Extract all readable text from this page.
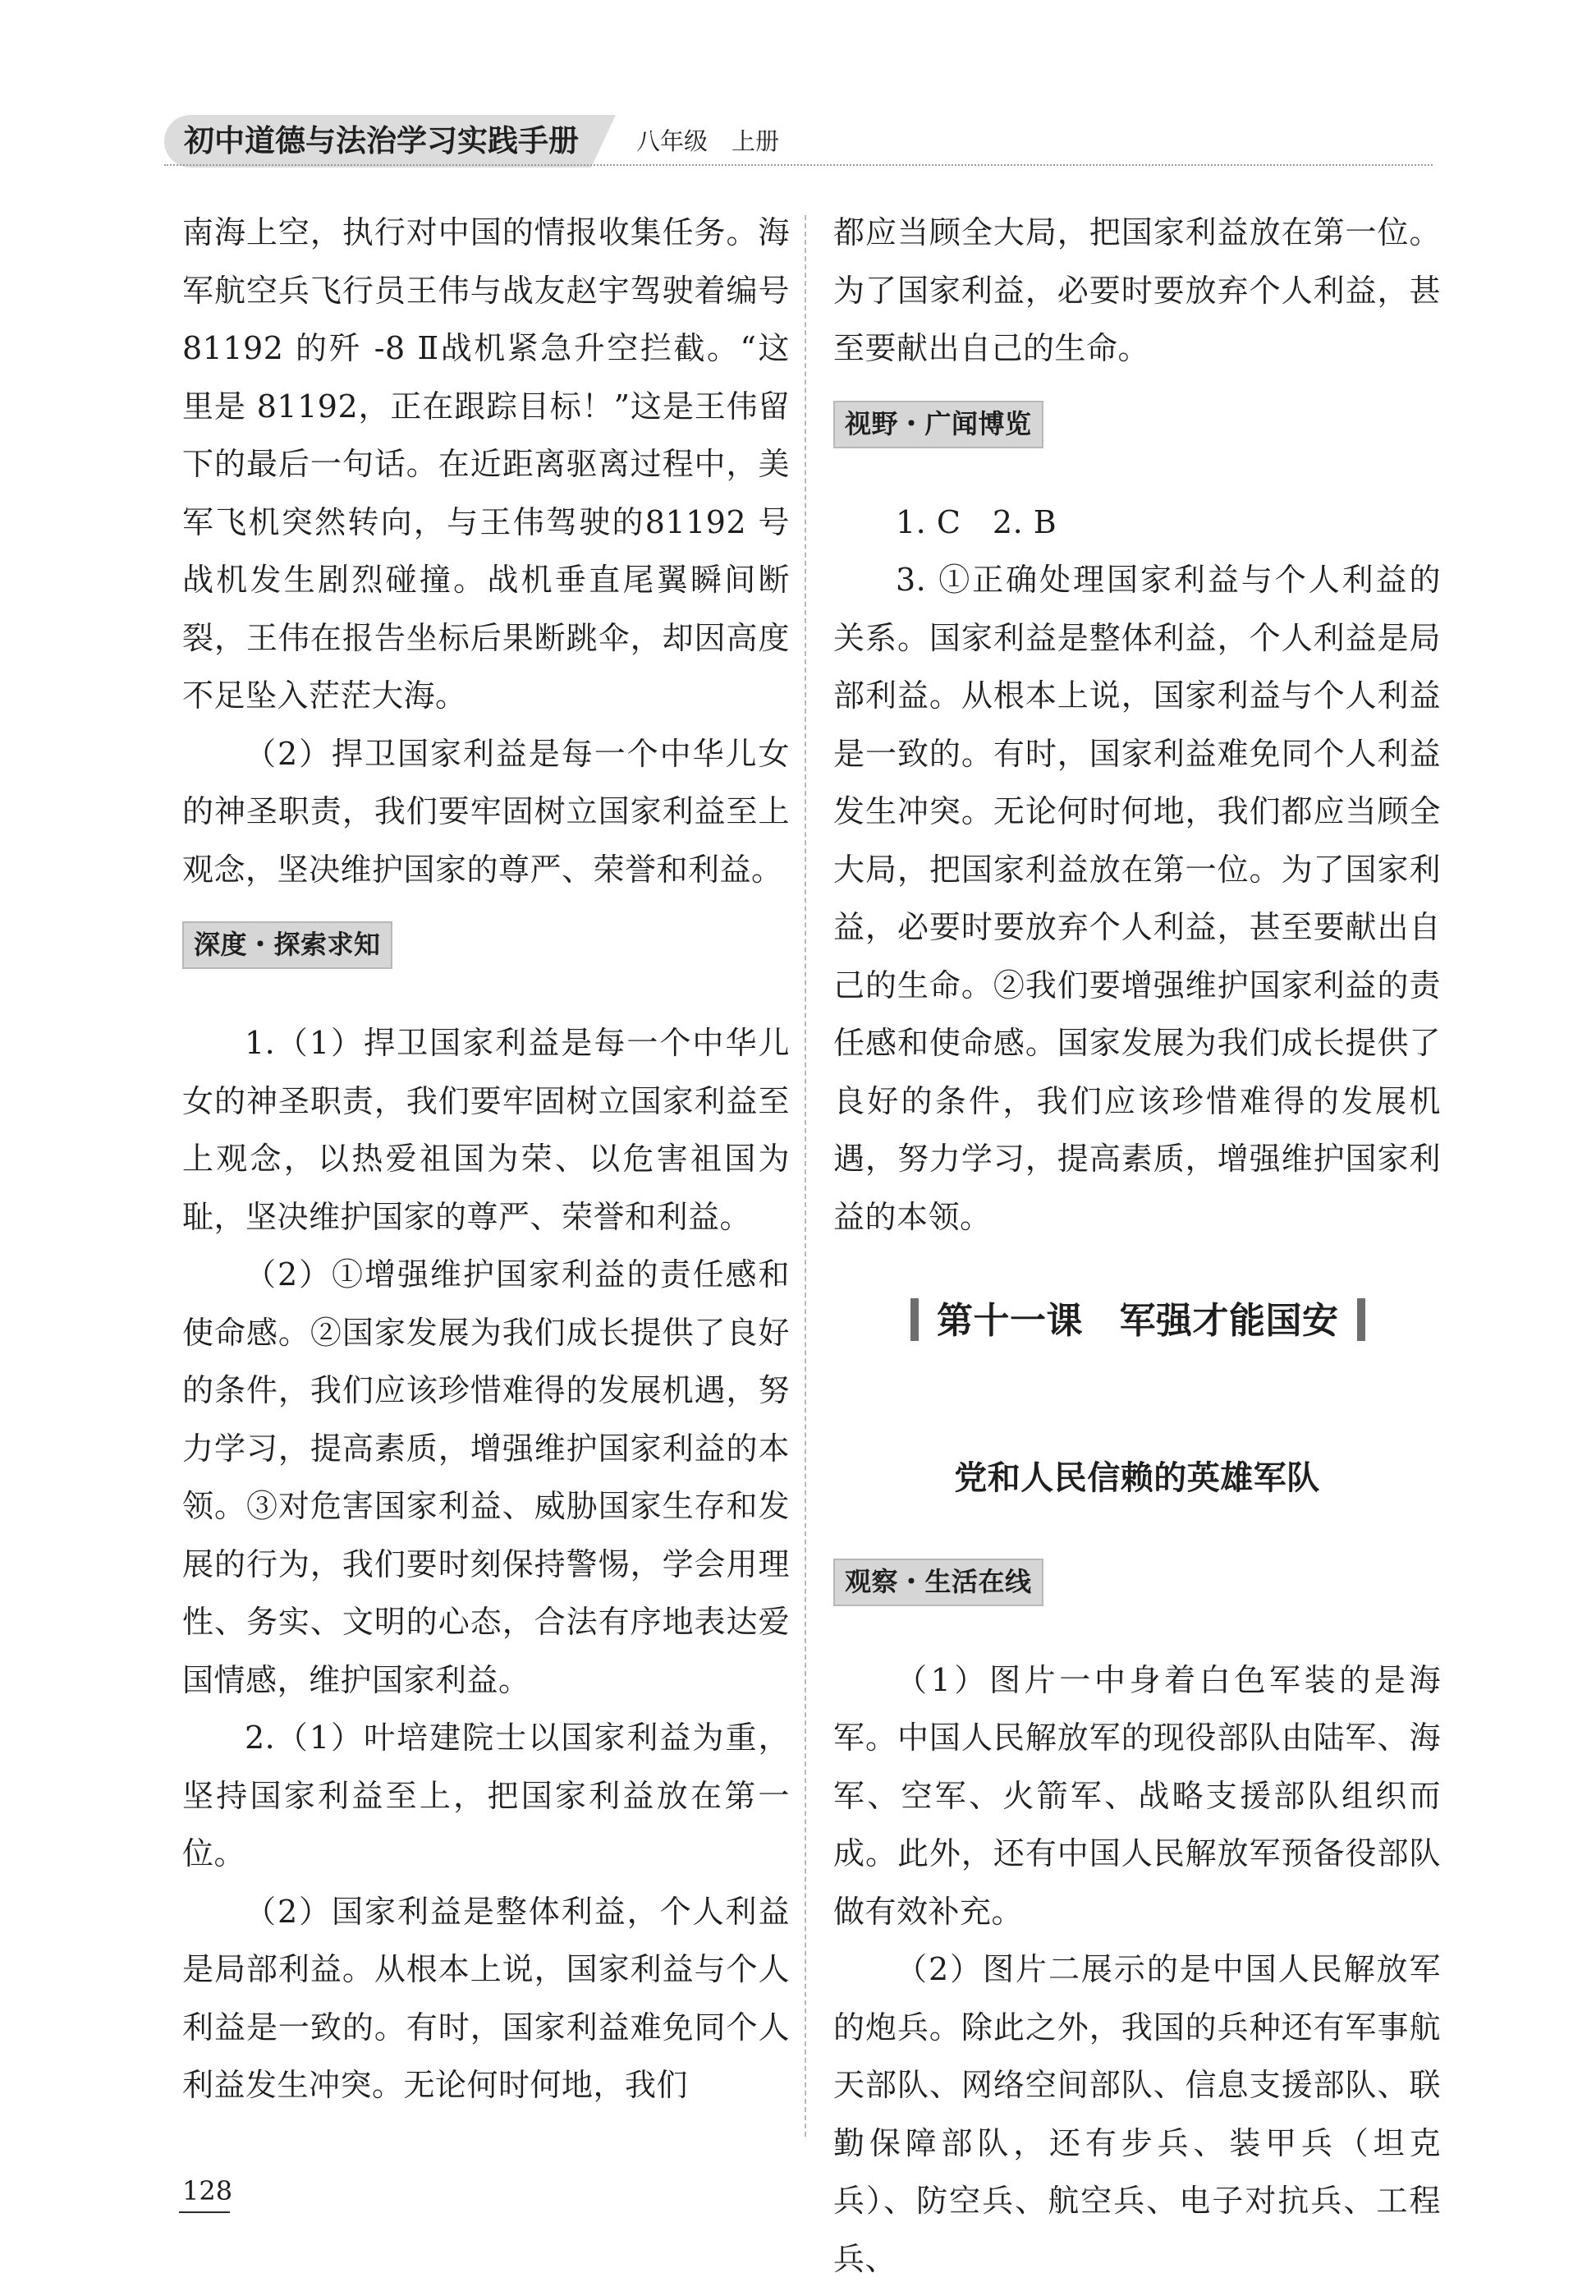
初中道德与法治学习实践手册 八年级　上册

南海上空，执行对中国的情报收集任务。海军航空兵飞行员王伟与战友赵宇驾驶着编号 81192 的歼 -8 Ⅱ战机紧急升空拦截。“这里是 81192，正在跟踪目标！”这是王伟留下的最后一句话。在近距离驱离过程中，美军飞机突然转向，与王伟驾驶的81192 号战机发生剧烈碰撞。战机垂直尾翼瞬间断裂，王伟在报告坐标后果断跳伞，却因高度不足坠入茫茫大海。

（2）捍卫国家利益是每一个中华儿女的神圣职责，我们要牢固树立国家利益至上观念，坚决维护国家的尊严、荣誉和利益。

深度・探索求知

1.（1）捍卫国家利益是每一个中华儿女的神圣职责，我们要牢固树立国家利益至上观念，以热爱祖国为荣、以危害祖国为耻，坚决维护国家的尊严、荣誉和利益。

（2）①增强维护国家利益的责任感和使命感。②国家发展为我们成长提供了良好的条件，我们应该珍惜难得的发展机遇，努力学习，提高素质，增强维护国家利益的本领。③对危害国家利益、威胁国家生存和发展的行为，我们要时刻保持警惕，学会用理性、务实、文明的心态，合法有序地表达爱国情感，维护国家利益。

2.（1）叶培建院士以国家利益为重，坚持国家利益至上，把国家利益放在第一位。

（2）国家利益是整体利益，个人利益是局部利益。从根本上说，国家利益与个人利益是一致的。有时，国家利益难免同个人利益发生冲突。无论何时何地，我们

都应当顾全大局，把国家利益放在第一位。为了国家利益，必要时要放弃个人利益，甚至要献出自己的生命。

视野・广闻博览

1. C　2. B

3. ①正确处理国家利益与个人利益的关系。国家利益是整体利益，个人利益是局部利益。从根本上说，国家利益与个人利益是一致的。有时，国家利益难免同个人利益发生冲突。无论何时何地，我们都应当顾全大局，把国家利益放在第一位。为了国家利益，必要时要放弃个人利益，甚至要献出自己的生命。②我们要增强维护国家利益的责任感和使命感。国家发展为我们成长提供了良好的条件，我们应该珍惜难得的发展机遇，努力学习，提高素质，增强维护国家利益的本领。

第十一课　军强才能国安
党和人民信赖的英雄军队
观察・生活在线

（1）图片一中身着白色军装的是海军。中国人民解放军的现役部队由陆军、海军、空军、火箭军、战略支援部队组织而成。此外，还有中国人民解放军预备役部队做有效补充。

（2）图片二展示的是中国人民解放军的炮兵。除此之外，我国的兵种还有军事航天部队、网络空间部队、信息支援部队、联勤保障部队，还有步兵、装甲兵（坦克兵）、防空兵、航空兵、电子对抗兵、工程兵、

128
